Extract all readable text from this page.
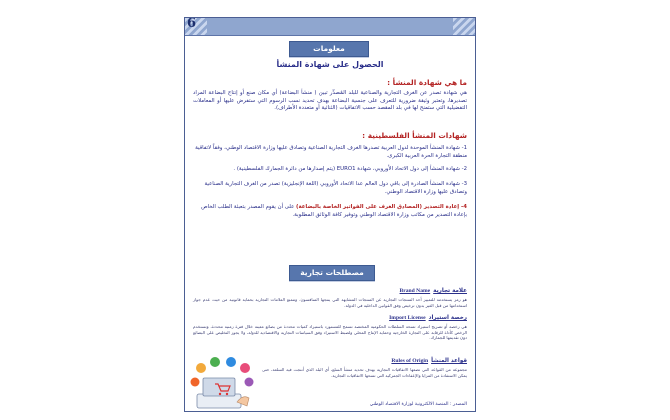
6
معلومات
الحصول على شهادة المنشأ
ما هي شهادة المنشأ :
هي شهادة تصدر عن الغرف التجارية والصناعية للبلد المُصدِّر تبين ( منشأ البضاعة) أي مكان صنع أو إنتاج البضاعة المراد تصديرها، وتعتبر وثيقة ضرورية للتعرف على جنسية البضاعة بهدف تحديد نسب الرسوم التي ستفرض عليها أو المعاملات التفضيلية التي ستمنح لها في بلد المقصد حسب الاتفاقيات (الثنائية أو متعددة الأطراف).
شهادات المنشأ الفلسطينية :
1- شهادة المنشأ الموحدة لدول العربية تصدرها الغرف التجارية الصناعية وتصادق عليها وزارة الاقتصاد الوطني، وفقاً لاتفاقية منطقة التجارة الحرة العربية الكبرى.
2- شهادة المنشأ إلى دول الاتحاد الأوروبي، شهادة EURO1 (يتم إصدارها من دائرة الجمارك الفلسطينية) .
3- شهادة المنشأ الصادرة إلى باقي دول العالم عدا الاتحاد الأوروبي (اللغة الإنجليزية) تصدر من الغرف التجارية الصناعية وتصادق عليها وزارة الاقتصاد الوطني.
4- إعادة التصدير (المصادق الغرف على الفواتير الخاصة بالبضاعة) على أن يقوم المصدر بتعبئة الطلب الخاص بإعادة التصدير من مكاتب وزارة الاقتصاد الوطني وتوفير كافة الوثائق المطلوبة.
مصطلحات تجارية
علامة تجاريةBrand Name
هو رمز يستخدمه للتمييز أحد المنتجات التجارية عن المنتجات المشابهة التي ينتجها المنافسون. وتتمتع العلامات التجارية بحماية قانونية من حيث عدم جواز استخدامها من قبل الغير بدون ترخيص وفق القوانين الداخلية في الدولة.
رخصة استيرادImport License
هي رخصة أو تصريح استيراد تمنحه السلطات الحكومية المختصة تسمح للمستورد باستيراد كميات محددة من بضائع معينة خلال فترة زمنية محددة، وتستخدم الرخص كأداة للرقابة على التجارة الخارجية وحماية الإنتاج المحلي ولضبط الاستيراد وفق السياسات التجارية والاقتصادية للدولة، ولا يجوز التخليص على البضائع دون تقديمها للجمارك.
قواعد المنشأRules of Origin
مجموعة من القواعد التي تضعها الاتفاقيات التجارية بهدف تحديد منشأ السلع، أي البلد الذي أنتجت فيه السلعة، حتى يمكن الاستفادة من المزايا والإعفاءات الجمركية التي تمنحها الاتفاقيات التجارية.
المصدر : المنصة الالكترونية لوزارة الاقتصاد الوطني
